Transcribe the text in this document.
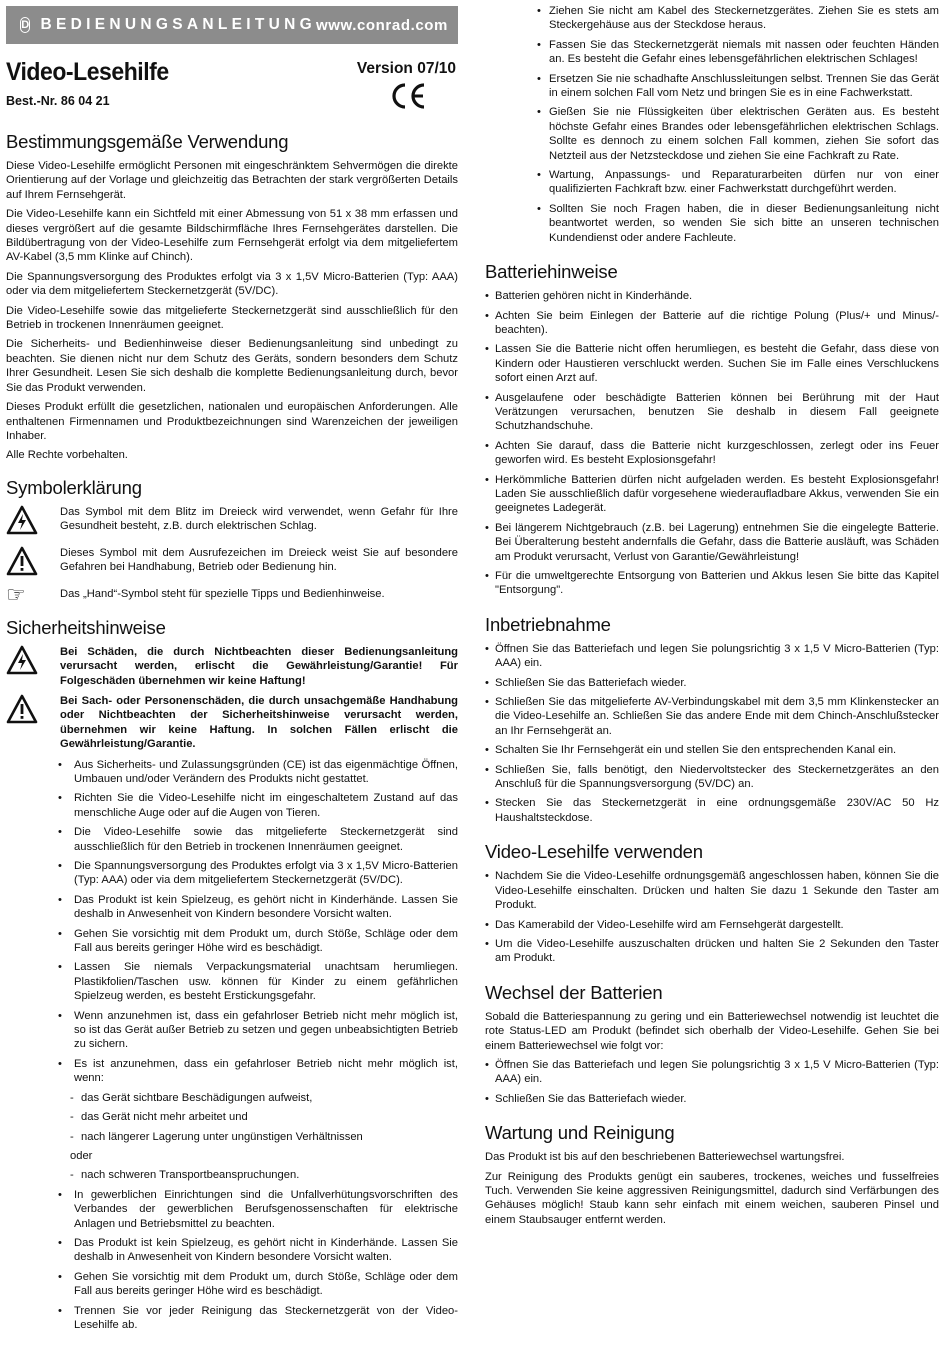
D BEDIENUNGSANLEITUNG www.conrad.com
Video-Lesehilfe
Best.-Nr. 86 04 21
Version 07/10
Bestimmungsgemäße Verwendung

Diese Video-Lesehilfe ermöglicht Personen mit eingeschränktem Sehvermögen die direkte Orientierung auf der Vorlage und gleichzeitig das Betrachten der stark vergrößerten Details auf Ihrem Fernsehgerät.

Die Video-Lesehilfe kann ein Sichtfeld mit einer Abmessung von 51 x 38 mm erfassen und dieses vergrößert auf die gesamte Bildschirmfläche Ihres Fernsehgerätes darstellen. Die Bildübertragung von der Video-Lesehilfe zum Fernsehgerät erfolgt via dem mitgeliefertem AV-Kabel (3,5 mm Klinke auf Chinch).

Die Spannungsversorgung des Produktes erfolgt via 3 x 1,5V Micro-Batterien (Typ: AAA) oder via dem mitgeliefertem Steckernetzgerät (5V/DC).

Die Video-Lesehilfe sowie das mitgelieferte Steckernetzgerät sind ausschließlich für den Betrieb in trockenen Innenräumen geeignet.

Die Sicherheits- und Bedienhinweise dieser Bedienungsanleitung sind unbedingt zu beachten. Sie dienen nicht nur dem Schutz des Geräts, sondern besonders dem Schutz Ihrer Gesundheit. Lesen Sie sich deshalb die komplette Bedienungsanleitung durch, bevor Sie das Produkt verwenden.

Dieses Produkt erfüllt die gesetzlichen, nationalen und europäischen Anforderungen. Alle enthaltenen Firmennamen und Produktbezeichnungen sind Warenzeichen der jeweiligen Inhaber.

Alle Rechte vorbehalten.

Symbolerklärung

Das Symbol mit dem Blitz im Dreieck wird verwendet, wenn Gefahr für Ihre Gesundheit besteht, z.B. durch elektrischen Schlag.

Dieses Symbol mit dem Ausrufezeichen im Dreieck weist Sie auf besondere Gefahren bei Handhabung, Betrieb oder Bedienung hin.

☞	Das „Hand“-Symbol steht für spezielle Tipps und Bedienhinweise.

Sicherheitshinweise

Bei Schäden, die durch Nichtbeachten dieser Bedienungsanleitung verursacht werden, erlischt die Gewährleistung/Garantie! Für Folgeschäden übernehmen wir keine Haftung!

Bei Sach- oder Personenschäden, die durch unsachgemäße Handhabung oder Nichtbeachten der Sicherheitshinweise verursacht werden, übernehmen wir keine Haftung. In solchen Fällen erlischt die Gewährleistung/Garantie.

• Aus Sicherheits- und Zulassungsgründen (CE) ist das eigenmächtige Öffnen, Umbauen und/oder Verändern des Produkts nicht gestattet.
• Richten Sie die Video-Lesehilfe nicht im eingeschaltetem Zustand auf das menschliche Auge oder auf die Augen von Tieren.
• Die Video-Lesehilfe sowie das mitgelieferte Steckernetzgerät sind ausschließlich für den Betrieb in trockenen Innenräumen geeignet.
• Die Spannungsversorgung des Produktes erfolgt via 3 x 1,5V Micro-Batterien (Typ: AAA) oder via dem mitgeliefertem Steckernetzgerät (5V/DC).
• Das Produkt ist kein Spielzeug, es gehört nicht in Kinderhände. Lassen Sie deshalb in Anwesenheit von Kindern besondere Vorsicht walten.
• Gehen Sie vorsichtig mit dem Produkt um, durch Stöße, Schläge oder dem Fall aus bereits geringer Höhe wird es beschädigt.
• Lassen Sie niemals Verpackungsmaterial unachtsam herumliegen. Plastikfolien/Taschen usw. können für Kinder zu einem gefährlichen Spielzeug werden, es besteht Erstickungsgefahr.
• Wenn anzunehmen ist, dass ein gefahrloser Betrieb nicht mehr möglich ist, so ist das Gerät außer Betrieb zu setzen und gegen unbeabsichtigten Betrieb zu sichern.
• Es ist anzunehmen, dass ein gefahrloser Betrieb nicht mehr möglich ist, wenn:
- das Gerät sichtbare Beschädigungen aufweist,
- das Gerät nicht mehr arbeitet und
- nach längerer Lagerung unter ungünstigen Verhältnissen
oder
- nach schweren Transportbeanspruchungen.
• In gewerblichen Einrichtungen sind die Unfallverhütungsvorschriften des Verbandes der gewerblichen Berufsgenossenschaften für elektrische Anlagen und Betriebsmittel zu beachten.
• Das Produkt ist kein Spielzeug, es gehört nicht in Kinderhände. Lassen Sie deshalb in Anwesenheit von Kindern besondere Vorsicht walten.
• Gehen Sie vorsichtig mit dem Produkt um, durch Stöße, Schläge oder dem Fall aus bereits geringer Höhe wird es beschädigt.
• Trennen Sie vor jeder Reinigung das Steckernetzgerät von der Video-Lesehilfe ab.
• Ziehen Sie nicht am Kabel des Steckernetzgerätes. Ziehen Sie es stets am Steckergehäuse aus der Steckdose heraus.
• Fassen Sie das Steckernetzgerät niemals mit nassen oder feuchten Händen an. Es besteht die Gefahr eines lebensgefährlichen elektrischen Schlages!
• Ersetzen Sie nie schadhafte Anschlussleitungen selbst. Trennen Sie das Gerät in einem solchen Fall vom Netz und bringen Sie es in eine Fachwerkstatt.
• Gießen Sie nie Flüssigkeiten über elektrischen Geräten aus. Es besteht höchste Gefahr eines Brandes oder lebensgefährlichen elektrischen Schlags. Sollte es dennoch zu einem solchen Fall kommen, ziehen Sie sofort das Netzteil aus der Netzsteckdose und ziehen Sie eine Fachkraft zu Rate.
• Wartung, Anpassungs- und Reparaturarbeiten dürfen nur von einer qualifizierten Fachkraft bzw. einer Fachwerkstatt durchgeführt werden.
• Sollten Sie noch Fragen haben, die in dieser Bedienungsanleitung nicht beantwortet werden, so wenden Sie sich bitte an unseren technischen Kundendienst oder andere Fachleute.
Batteriehinweise
• Batterien gehören nicht in Kinderhände.
• Achten Sie beim Einlegen der Batterie auf die richtige Polung (Plus/+ und Minus/- beachten).
• Lassen Sie die Batterie nicht offen herumliegen, es besteht die Gefahr, dass diese von Kindern oder Haustieren verschluckt werden. Suchen Sie im Falle eines Verschluckens sofort einen Arzt auf.
• Ausgelaufene oder beschädigte Batterien können bei Berührung mit der Haut Verätzungen verursachen, benutzen Sie deshalb in diesem Fall geeignete Schutzhandschuhe.
• Achten Sie darauf, dass die Batterie nicht kurzgeschlossen, zerlegt oder ins Feuer geworfen wird. Es besteht Explosionsgefahr!
• Herkömmliche Batterien dürfen nicht aufgeladen werden. Es besteht Explosionsgefahr! Laden Sie ausschließlich dafür vorgesehene wiederaufladbare Akkus, verwenden Sie ein geeignetes Ladegerät.
• Bei längerem Nichtgebrauch (z.B. bei Lagerung) entnehmen Sie die eingelegte Batterie. Bei Überalterung besteht andernfalls die Gefahr, dass die Batterie ausläuft, was Schäden am Produkt verursacht, Verlust von Garantie/Gewährleistung!
• Für die umweltgerechte Entsorgung von Batterien und Akkus lesen Sie bitte das Kapitel "Entsorgung".
Inbetriebnahme
• Öffnen Sie das Batteriefach und legen Sie polungsrichtig 3 x 1,5 V Micro-Batterien (Typ: AAA) ein.
• Schließen Sie das Batteriefach wieder.
• Schließen Sie das mitgelieferte AV-Verbindungskabel mit dem 3,5 mm Klinkenstecker an die Video-Lesehilfe an. Schließen Sie das andere Ende mit dem Chinch-Anschlußstecker an Ihr Fernsehgerät an.
• Schalten Sie Ihr Fernsehgerät ein und stellen Sie den entsprechenden Kanal ein.
• Schließen Sie, falls benötigt, den Niedervoltstecker des Steckernetzgerätes an den Anschluß für die Spannungsversorgung (5V/DC) an.
• Stecken Sie das Steckernetzgerät in eine ordnungsgemäße 230V/AC 50 Hz Haushaltsteckdose.
Video-Lesehilfe verwenden
• Nachdem Sie die Video-Lesehilfe ordnungsgemäß angeschlossen haben, können Sie die Video-Lesehilfe einschalten. Drücken und halten Sie dazu 1 Sekunde den Taster am Produkt.
• Das Kamerabild der Video-Lesehilfe wird am Fernsehgerät dargestellt.
• Um die Video-Lesehilfe auszuschalten drücken und halten Sie 2 Sekunden den Taster am Produkt.
Wechsel der Batterien

Sobald die Batteriespannung zu gering und ein Batteriewechsel notwendig ist leuchtet die rote Status-LED am Produkt (befindet sich oberhalb der Video-Lesehilfe. Gehen Sie bei einem Batteriewechsel wie folgt vor:

• Öffnen Sie das Batteriefach und legen Sie polungsrichtig 3 x 1,5 V Micro-Batterien (Typ: AAA) ein.
• Schließen Sie das Batteriefach wieder.
Wartung und Reinigung

Das Produkt ist bis auf den beschriebenen Batteriewechsel wartungsfrei.

Zur Reinigung des Produkts genügt ein sauberes, trockenes, weiches und fusselfreies Tuch. Verwenden Sie keine aggressiven Reinigungsmittel, dadurch sind Verfärbungen des Gehäuses möglich! Staub kann sehr einfach mit einem weichen, sauberen Pinsel und einem Staubsauger entfernt werden.
